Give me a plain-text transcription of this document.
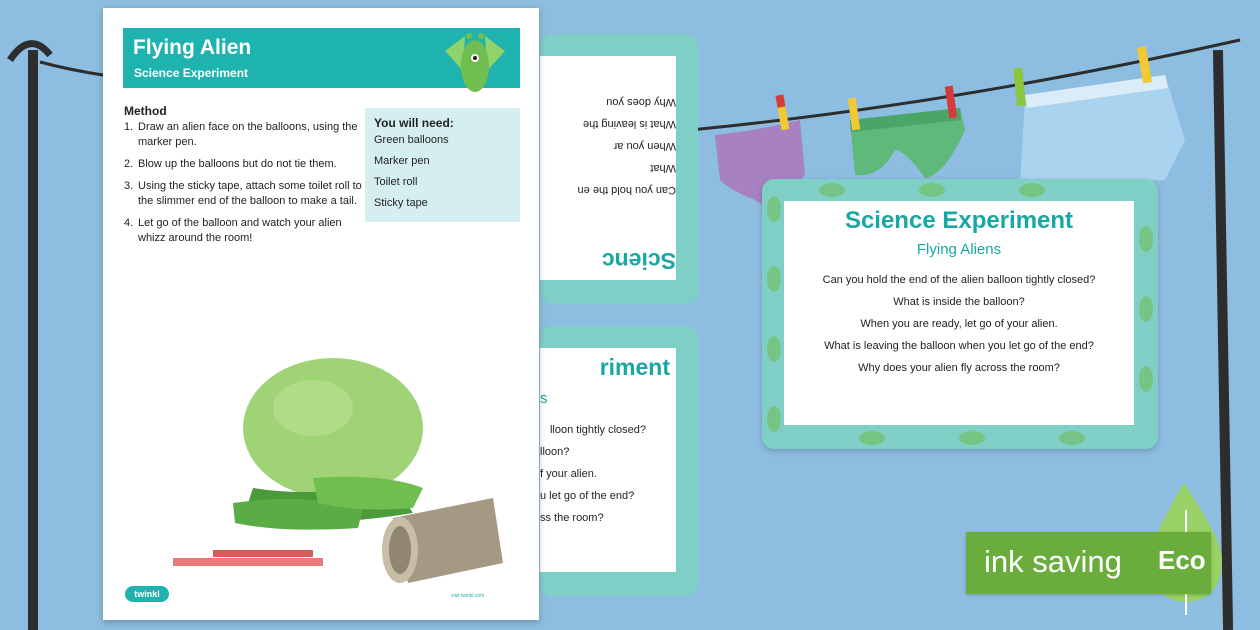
Scienc
Can you hold the en
What
When you ar
What is leaving the
Why does you
riment
s
lloon tightly closed?
lloon?
f your alien.
u let go of the end?
ss the room?
Flying Alien
Science Experiment
Method
1. Draw an alien face on the balloons, using the marker pen.
2. Blow up the balloons but do not tie them.
3. Using the sticky tape, attach some toilet roll to the slimmer end of the balloon to make a tail.
4. Let go of the balloon and watch your alien whizz around the room!
You will need:
Green balloons
Marker pen
Toilet roll
Sticky tape
twinkl	visit twinkl.com
Science Experiment
Flying Aliens
Can you hold the end of the alien balloon tightly closed?
What is inside the balloon?
When you are ready, let go of your alien.
What is leaving the balloon when you let go of the end?
Why does your alien fly across the room?
ink saving Eco
